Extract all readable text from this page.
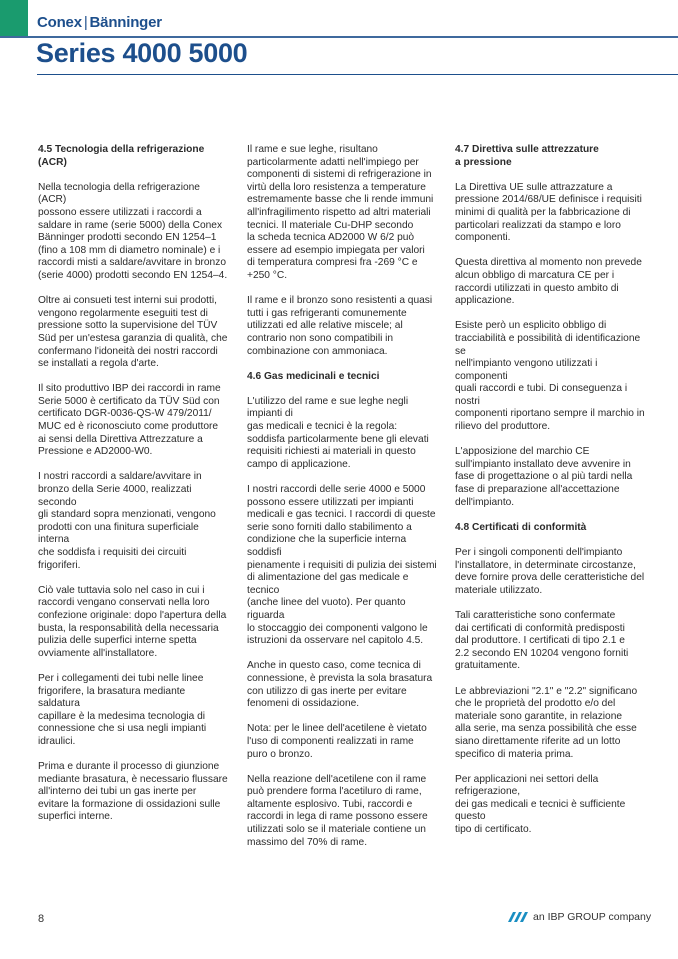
Conex | Bänninger
Series 4000 5000
4.5 Tecnologia della refrigerazione
(ACR)

Nella tecnologia della refrigerazione (ACR)
possono essere utilizzati i raccordi a
saldare in rame (serie 5000) della Conex
Bänninger prodotti secondo EN 1254–1
(fino a 108 mm di diametro nominale) e i
raccordi misti a saldare/avvitare in bronzo
(serie 4000) prodotti secondo EN 1254–4.

Oltre ai consueti test interni sui prodotti,
vengono regolarmente eseguiti test di
pressione sotto la supervisione del TÜV
Süd per un'estesa garanzia di qualità, che
confermano l'idoneità dei nostri raccordi
se installati a regola d'arte.

Il sito produttivo IBP dei raccordi in rame
Serie 5000 è certificato da TÜV Süd con
certificato DGR-0036-QS-W 479/2011/
MUC ed è riconosciuto come produttore
ai sensi della Direttiva Attrezzature a
Pressione e AD2000-W0.

I nostri raccordi a saldare/avvitare in
bronzo della Serie 4000, realizzati secondo
gli standard sopra menzionati, vengono
prodotti con una finitura superficiale interna
che soddisfa i requisiti dei circuiti frigoriferi.

Ciò vale tuttavia solo nel caso in cui i
raccordi vengano conservati nella loro
confezione originale: dopo l'apertura della
busta, la responsabilità della necessaria
pulizia delle superfici interne spetta
ovviamente all'installatore.

Per i collegamenti dei tubi nelle linee
frigorifere, la brasatura mediante saldatura
capillare è la medesima tecnologia di
connessione che si usa negli impianti
idraulici.

Prima e durante il processo di giunzione
mediante brasatura, è necessario flussare
all'interno dei tubi un gas inerte per
evitare la formazione di ossidazioni sulle
superfici interne.

Il rame e sue leghe, risultano
particolarmente adatti nell'impiego per
componenti di sistemi di refrigerazione in
virtù della loro resistenza a temperature
estremamente basse che li rende immuni
all'infragilimento rispetto ad altri materiali
tecnici. Il materiale Cu-DHP secondo
la scheda tecnica AD2000 W 6/2 può
essere ad esempio impiegata per valori
di temperatura compresi fra -269 °C e
+250 °C.

Il rame e il bronzo sono resistenti a quasi
tutti i gas refrigeranti comunemente
utilizzati ed alle relative miscele; al
contrario non sono compatibili in
combinazione con ammoniaca.

4.6 Gas medicinali e tecnici

L'utilizzo del rame e sue leghe negli impianti di
gas medicali e tecnici è la regola:
soddisfa particolarmente bene gli elevati
requisiti richiesti ai materiali in questo
campo di applicazione.

I nostri raccordi delle serie 4000 e 5000
possono essere utilizzati per impianti
medicali e gas tecnici. I raccordi di queste
serie sono forniti dallo stabilimento a
condizione che la superficie interna soddisfi
pienamente i requisiti di pulizia dei sistemi
di alimentazione del gas medicale e tecnico
(anche linee del vuoto). Per quanto riguarda
lo stoccaggio dei componenti valgono le
istruzioni da osservare nel capitolo 4.5.

Anche in questo caso, come tecnica di
connessione, è prevista la sola brasatura
con utilizzo di gas inerte per evitare
fenomeni di ossidazione.

Nota: per le linee dell'acetilene è vietato
l'uso di componenti realizzati in rame
puro o bronzo.

Nella reazione dell'acetilene con il rame
può prendere forma l'acetiluro di rame,
altamente esplosivo. Tubi, raccordi e
raccordi in lega di rame possono essere
utilizzati solo se il materiale contiene un
massimo del 70% di rame.

4.7 Direttiva sulle attrezzature
a pressione

La Direttiva UE sulle attrazzature a
pressione 2014/68/UE definisce i requisiti
minimi di qualità per la fabbricazione di
particolari realizzati da stampo e loro
componenti.

Questa direttiva al momento non prevede
alcun obbligo di marcatura CE per i
raccordi utilizzati in questo ambito di
applicazione.

Esiste però un esplicito obbligo di
tracciabilità e possibilità di identificazione se
nell'impianto vengono utilizzati i componenti
quali raccordi e tubi. Di conseguenza i nostri
componenti riportano sempre il marchio in
rilievo del produttore.

L'apposizione del marchio CE
sull'impianto installato deve avvenire in
fase di progettazione o al più tardi nella
fase di preparazione all'accettazione
dell'impianto.

4.8 Certificati di conformità

Per i singoli componenti dell'impianto
l'installatore, in determinate circostanze,
deve fornire prova delle ceratteristiche del
materiale utilizzato.

Tali caratteristiche sono confermate
dai certificati di conformità predisposti
dal produttore. I certificati di tipo 2.1 e
2.2 secondo EN 10204 vengono forniti
gratuitamente.

Le abbreviazioni "2.1" e "2.2" significano
che le proprietà del prodotto e/o del
materiale sono garantite, in relazione
alla serie, ma senza possibilità che esse
siano direttamente riferite ad un lotto
specifico di materia prima.

Per applicazioni nei settori della refrigerazione,
dei gas medicali e tecnici è sufficiente questo
tipo di certificato.

8	an IBP GROUP company
